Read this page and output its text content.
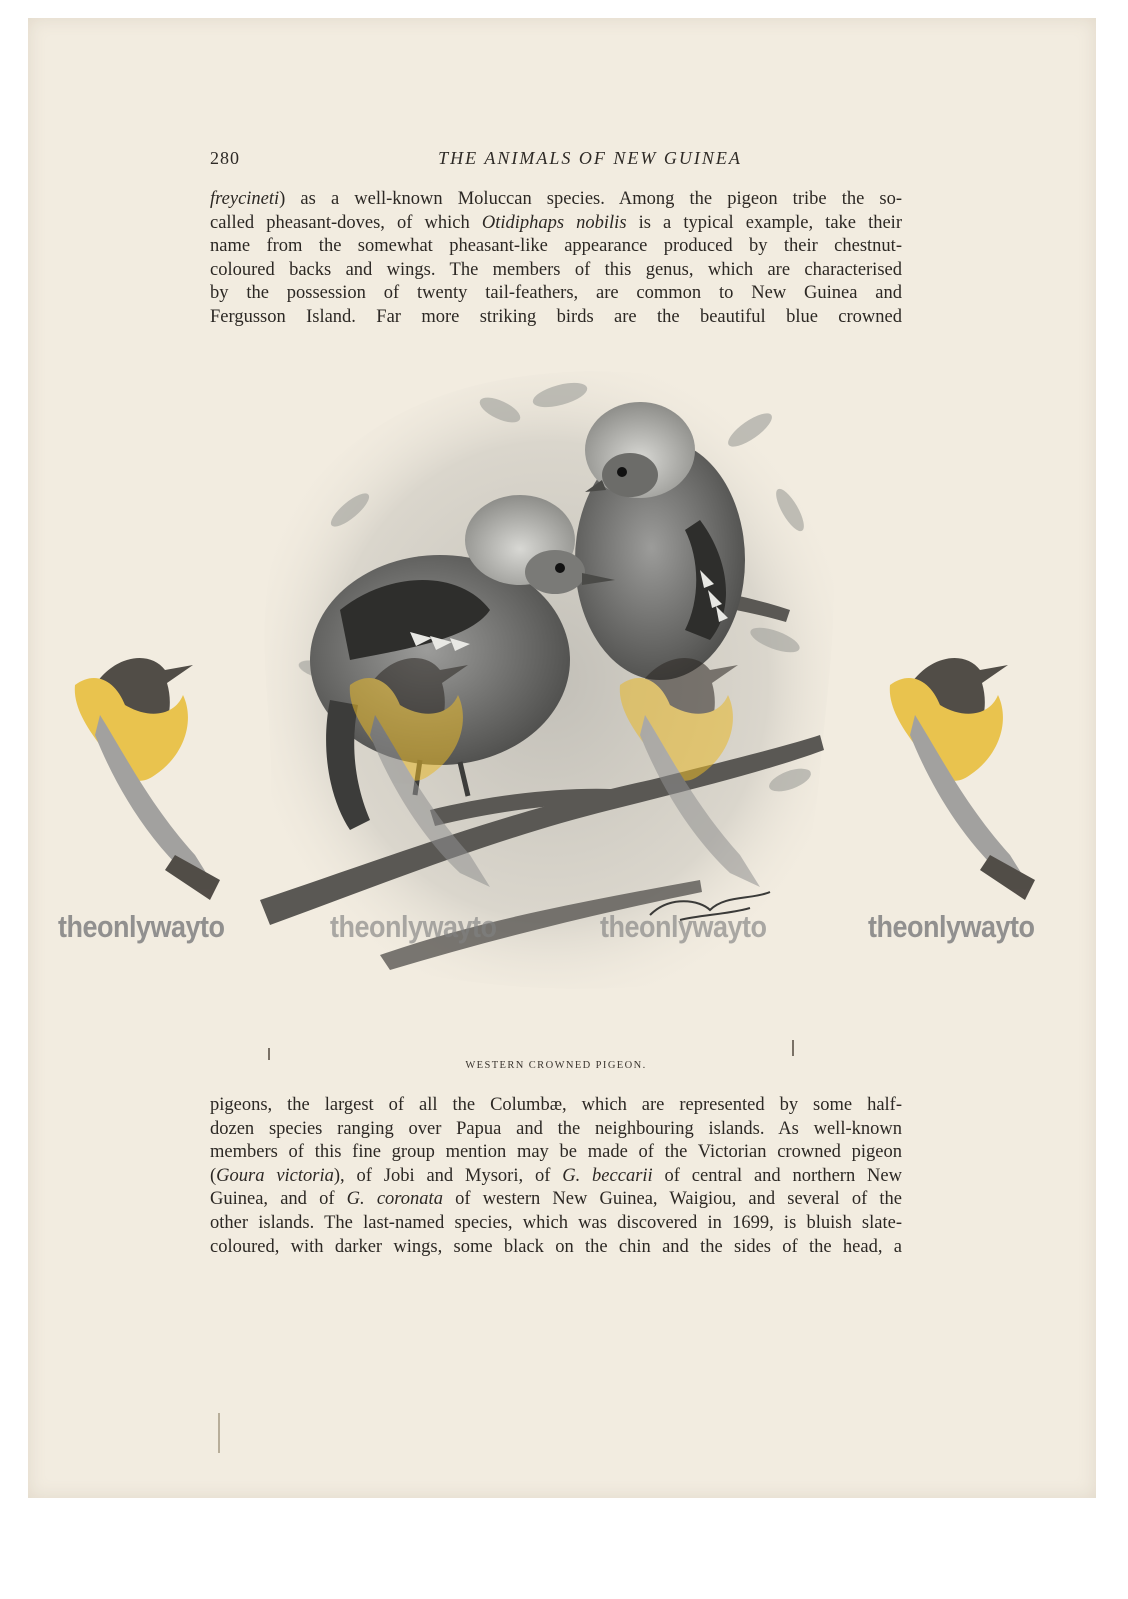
280	THE ANIMALS OF NEW GUINEA
freycineti) as a well-known Moluccan species. Among the pigeon tribe the so-
called pheasant-doves, of which Otidiphaps nobilis is a typical example, take their
name from the somewhat pheasant-like appearance produced by their chestnut-
coloured backs and wings. The members of this genus, which are characterised
by the possession of twenty tail-feathers, are common to New Guinea and
Fergusson Island. Far more striking birds are the beautiful blue crowned
theonlywayto	theonlywayto	theonlywayto	theonlywayto
WESTERN CROWNED PIGEON.
pigeons, the largest of all the Columbæ, which are represented by some half-
dozen species ranging over Papua and the neighbouring islands. As well-known
members of this fine group mention may be made of the Victorian crowned pigeon
(Goura victoria), of Jobi and Mysori, of G. beccarii of central and northern New
Guinea, and of G. coronata of western New Guinea, Waigiou, and several of the
other islands. The last-named species, which was discovered in 1699, is bluish slate-
coloured, with darker wings, some black on the chin and the sides of the head, a
